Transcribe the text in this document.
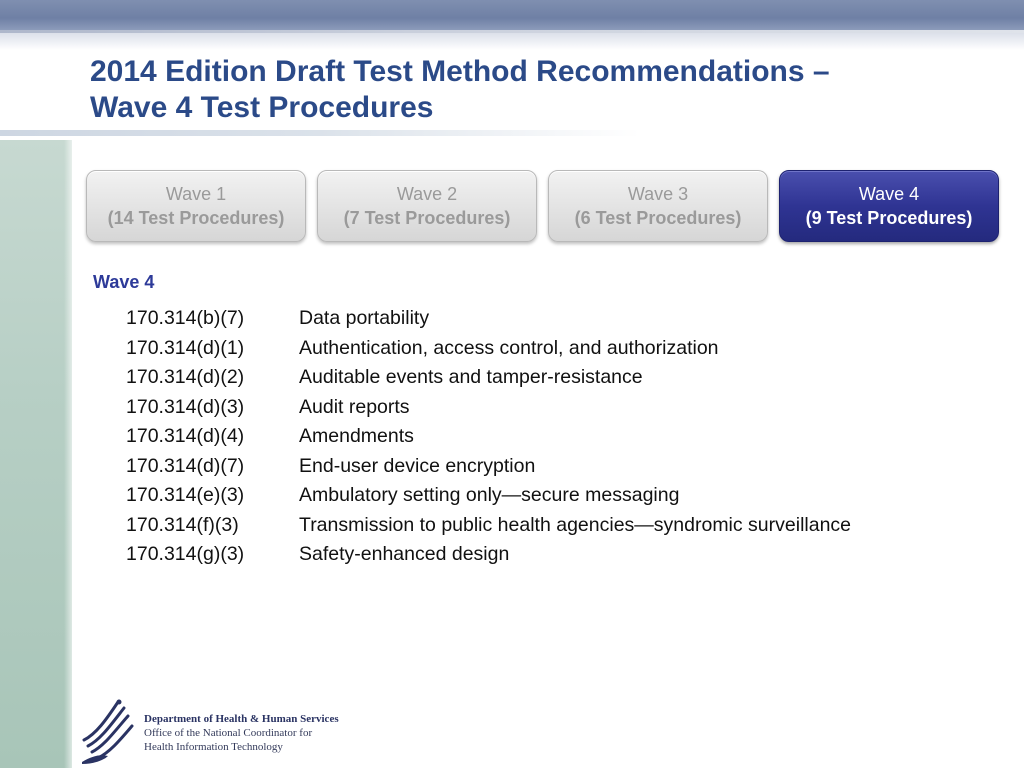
2014 Edition Draft Test Method Recommendations –
Wave 4 Test Procedures
Wave 1
(14 Test Procedures)
Wave 2
(7 Test Procedures)
Wave 3
(6 Test Procedures)
Wave 4
(9 Test Procedures)
Wave 4
170.314(b)(7)	Data portability
170.314(d)(1)	Authentication, access control, and authorization
170.314(d)(2)	Auditable events and tamper-resistance
170.314(d)(3)	Audit reports
170.314(d)(4)	Amendments
170.314(d)(7)	End-user device encryption
170.314(e)(3)	Ambulatory setting only—secure messaging
170.314(f)(3)	Transmission to public health agencies—syndromic surveillance
170.314(g)(3)	Safety-enhanced design
Department of Health & Human Services
Office of the National Coordinator for
Health Information Technology
